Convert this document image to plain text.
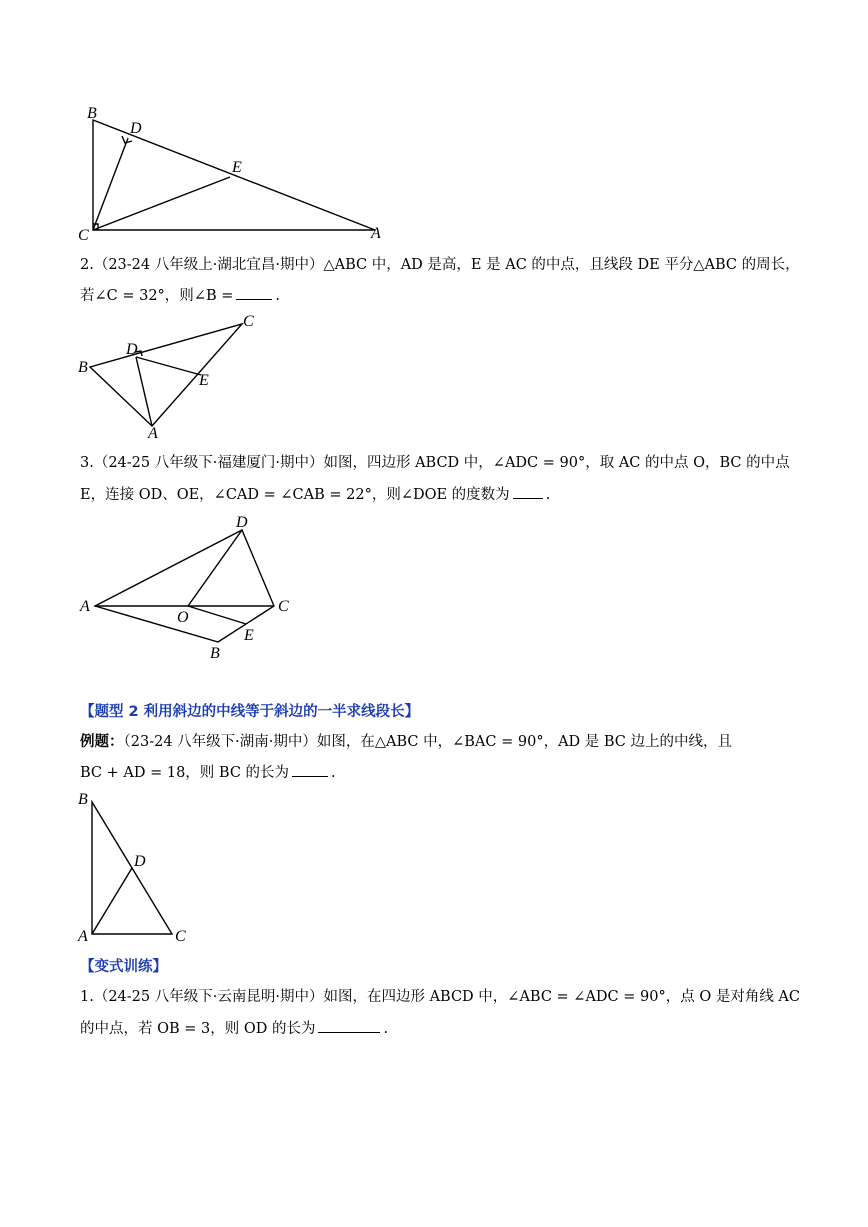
B
D
E
C	A
2.（23-24 八年级上·湖北宜昌·期中）△ABC 中，AD 是高，E 是 AC 的中点，且线段 DE 平分△ABC 的周长，
若∠C = 32°，则∠B =	.
C
D
B
E
A
3.（24-25 八年级下·福建厦门·期中）如图，四边形 ABCD 中，∠ADC = 90°，取 AC 的中点 O，BC 的中点
E，连接 OD、OE，∠CAD = ∠CAB = 22°，则∠DOE 的度数为 .
D
A
O
C
E
B
【题型 2 利用斜边的中线等于斜边的一半求线段长】
例题：（23-24 八年级下·湖南·期中）如图，在△ABC 中，∠BAC = 90°，AD 是 BC 边上的中线，且
BC + AD = 18，则 BC 的长为	.
B
D
A	C
【变式训练】
1.（24-25 八年级下·云南昆明·期中）如图，在四边形 ABCD 中，∠ABC = ∠ADC = 90°，点 O 是对角线 AC
的中点，若 OB = 3，则 OD 的长为	.
